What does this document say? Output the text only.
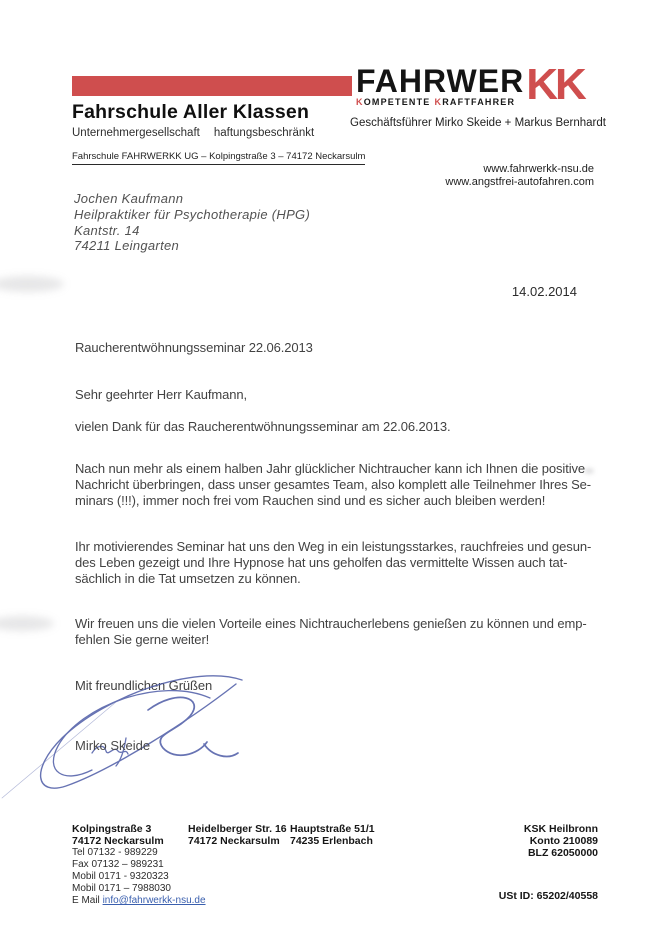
FAHRWER
KOMPETENTE KRAFTFAHRER KK
Geschäftsführer Mirko Skeide + Markus Bernhardt
Fahrschule Aller Klassen
Unternehmergesellschaft haftungsbeschränkt
Fahrschule FAHRWERKK UG – Kolpingstraße 3 – 74172 Neckarsulm
www.fahrwerkk-nsu.de
www.angstfrei-autofahren.com
Jochen Kaufmann
Heilpraktiker für Psychotherapie (HPG)
Kantstr. 14
74211 Leingarten
14.02.2014
Raucherentwöhnungsseminar 22.06.2013
Sehr geehrter Herr Kaufmann,
vielen Dank für das Raucherentwöhnungsseminar am 22.06.2013.
Nach nun mehr als einem halben Jahr glücklicher Nichtraucher kann ich Ihnen die positive
Nachricht überbringen, dass unser gesamtes Team, also komplett alle Teilnehmer Ihres Se-
minars (!!!), immer noch frei vom Rauchen sind und es sicher auch bleiben werden!
Ihr motivierendes Seminar hat uns den Weg in ein leistungsstarkes, rauchfreies und gesun-
des Leben gezeigt und Ihre Hypnose hat uns geholfen das vermittelte Wissen auch tat-
sächlich in die Tat umsetzen zu können.
Wir freuen uns die vielen Vorteile eines Nichtraucherlebens genießen zu können und emp-
fehlen Sie gerne weiter!
Mit freundlichen Grüßen
Mirko Skeide
Kolpingstraße 3
74172 Neckarsulm
Tel 07132 - 989229
Fax 07132 – 989231
Mobil 0171 - 9320323
Mobil 0171 – 7988030
E Mail info@fahrwerkk-nsu.de
Heidelberger Str. 16
74172 Neckarsulm
Hauptstraße 51/1
74235 Erlenbach
KSK Heilbronn
Konto 210089
BLZ 62050000
USt ID: 65202/40558
